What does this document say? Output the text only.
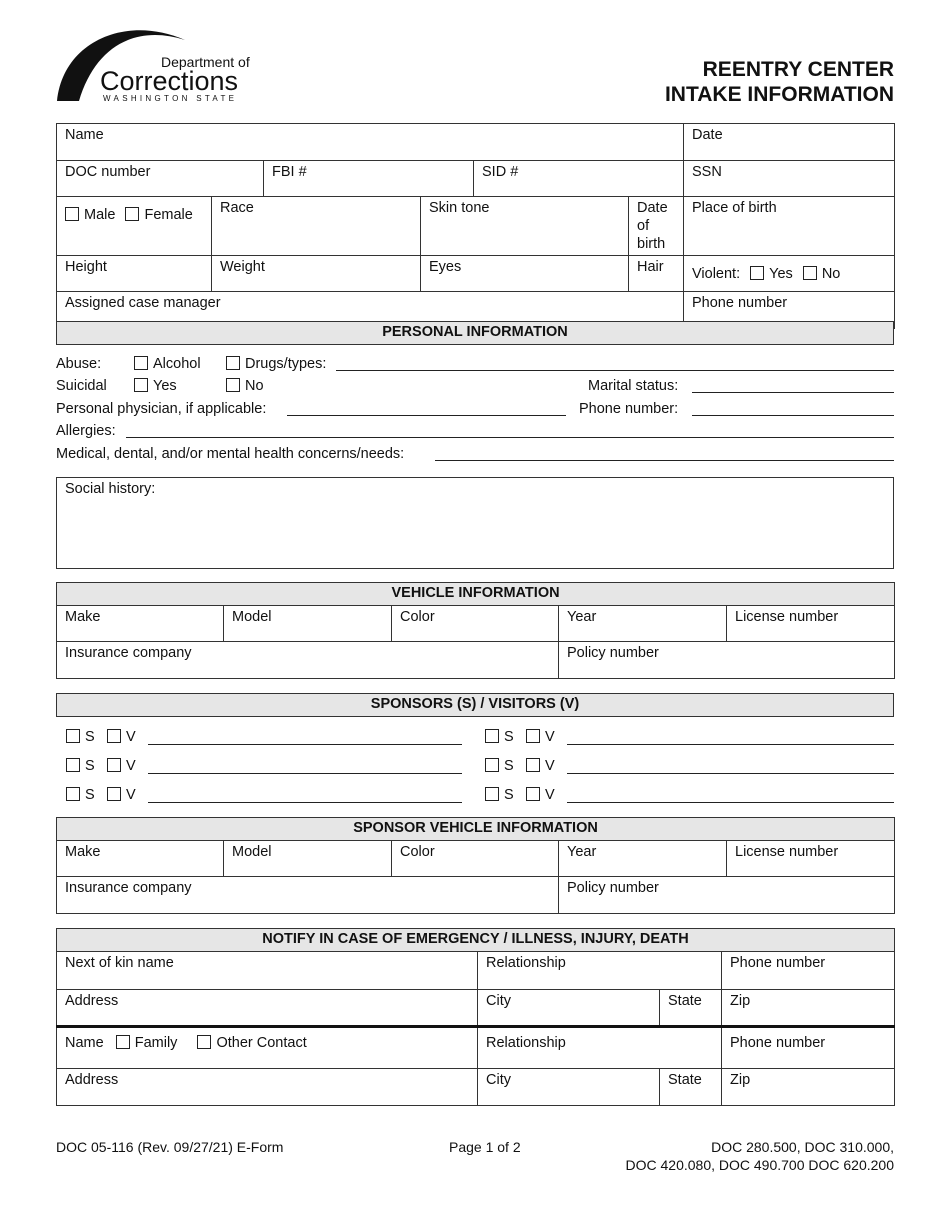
Department of
Corrections
WASHINGTON STATE
REENTRY CENTER
INTAKE INFORMATION
Name						Date
DOC number		FBI #		SID #		SSN
Male Female	Race		Skin tone		Date of birth	Place of birth
Height	Weight		Eyes		Hair	Violent: Yes No
Assigned case manager						Phone number
PERSONAL INFORMATION
Abuse:	Alcohol	Drugs/types:
Suicidal	Yes	No	Marital status:
Personal physician, if applicable:	Phone number:
Allergies:
Medical, dental, and/or mental health concerns/needs:
Social history:
VEHICLE INFORMATION				
Make	Model	Color	Year	License number
Insurance company			Policy number	
SPONSORS (S) / VISITORS (V)
S	V	S	V
S	V	S	V
S	V	S	V
SPONSOR VEHICLE INFORMATION				
Make	Model	Color	Year	License number
Insurance company			Policy number	
NOTIFY IN CASE OF EMERGENCY / ILLNESS, INJURY, DEATH			
Next of kin name	Relationship		Phone number
Address	City	State	Zip
Name Family Other Contact	Relationship		Phone number
Address	City	State	Zip
DOC 05-116 (Rev. 09/27/21) E-Form	Page 1 of 2	DOC 280.500, DOC 310.000,
DOC 420.080, DOC 490.700 DOC 620.200
